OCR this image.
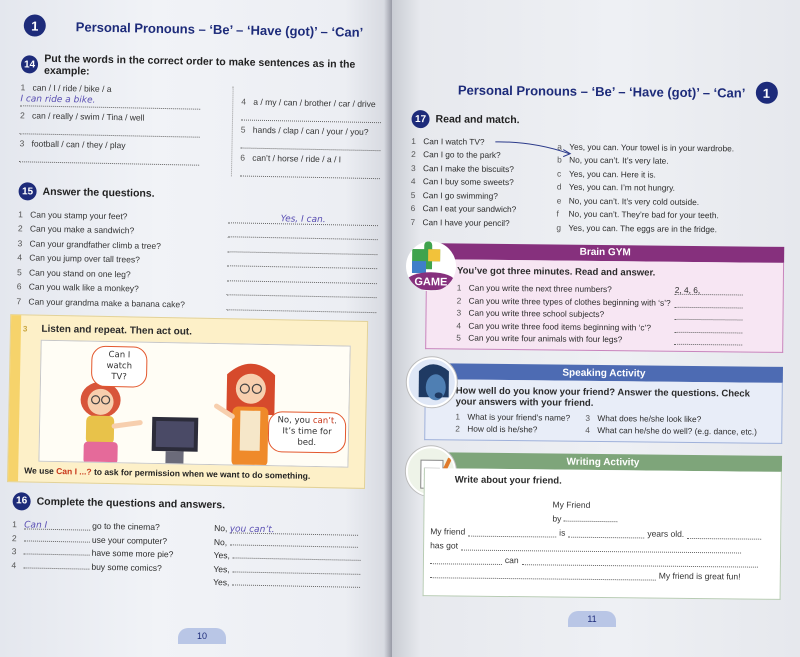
1	Personal Pronouns – ‘Be’ – ‘Have (got)’ – ‘Can’
14 Put the words in the correct order to make sentences as in the example:
1 can / I / ride / bike / a
I can ride a bike.
2 can / really / swim / Tina / well
3 football / can / they / play
4 a / my / can / brother / car / drive
5 hands / clap / can / your / you?
6 can’t / horse / ride / a / I
15 Answer the questions.
1 Can you stamp your feet?	Yes, I can.
2 Can you make a sandwich?
3 Can your grandfather climb a tree?
4 Can you jump over tall trees?
5 Can you stand on one leg?
6 Can you walk like a monkey?
7 Can your grandma make a banana cake?
3 Listen and repeat. Then act out.
Can I watch
TV?
No, you can’t.
It’s time for bed.
We use Can I ...? to ask for permission when we want to do something.
16 Complete the questions and answers.
1 Can I	go to the cinema?	No, you can’t.
2	use your computer?	No,
3	have some more pie?	Yes,
4	buy some comics?	Yes,
Yes,
10
Personal Pronouns – ‘Be’ – ‘Have (got)’ – ‘Can’	1
17 Read and match.
1 Can I watch TV?
2 Can I go to the park?
3 Can I make the biscuits?
4 Can I buy some sweets?
5 Can I go swimming?
6 Can I eat your sandwich?
7 Can I have your pencil?
a Yes, you can. Your towel is in your wardrobe.
b No, you can’t. It’s very late.
c Yes, you can. Here it is.
d Yes, you can. I’m not hungry.
e No, you can’t. It’s very cold outside.
f	No, you can’t. They’re bad for your teeth.
g Yes, you can. The eggs are in the fridge.
GAME
Brain GYM
You’ve got three minutes. Read and answer.
1 Can you write the next three numbers?	2, 4, 6,
2 Can you write three types of clothes beginning with ‘s’?
3 Can you write three school subjects?
4 Can you write three food items beginning with ‘c’?
5 Can you write four animals with four legs?
Speaking Activity
How well do you know your friend? Answer the questions. Check your answers with your friend.
1 What is your friend’s name?	3 What does he/she look like?
2 How old is he/she?	4 What can he/she do well? (e.g. dance, etc.)
Writing Activity
Write about your friend.
My Friend
by
My friend	is	years old.
has got
can
My friend is great fun!
11
